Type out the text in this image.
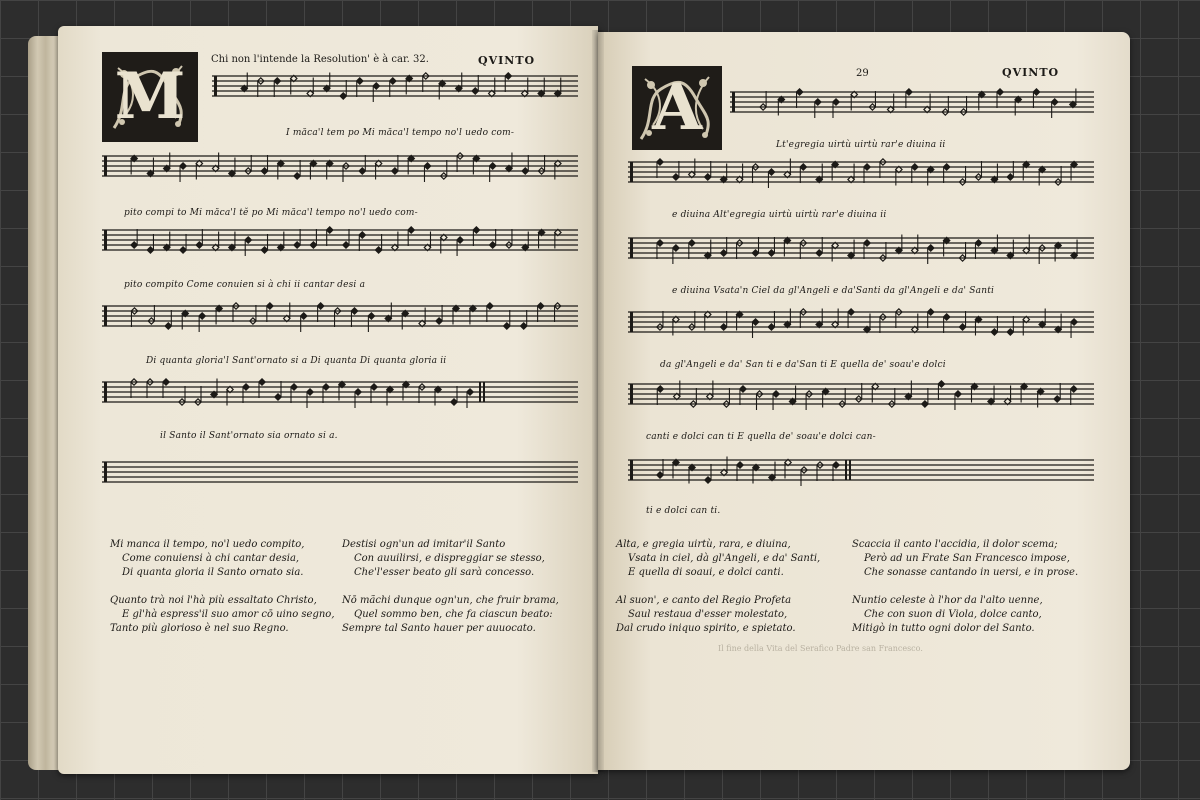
M	Chi non l'intende la Resolution' è à car. 32.	QVINTO
I măca'l tem po Mi măca'l tempo no'l uedo com-
pito compi to Mi măca'l tĕ po Mi măca'l tempo no'l uedo com-
pito compito Come conuien si à chi ii cantar desi a
Di quanta gloria'l Sant'ornato si a Di quanta Di quanta gloria ii
il Santo il Sant'ornato sia ornato si a.
Mi manca il tempo, no'l uedo compito,
Come conuiensi à chi cantar desia,
Di quanta gloria il Santo ornato sia.
Quanto trà noi l'hà più essaltato Christo,
E gl'hà espress'il suo amor cō uino segno,
Tanto più glorioso è nel suo Regno.
Destisi ogn'un ad imitar'il Santo
Con auuilirsi, e dispreggiar se stesso,
Che'l'esser beato gli sarà concesso.
Nō mãchi dunque ogn'un, che fruir brama,
Quel sommo ben, che fa ciascun beato:
Sempre tal Santo hauer per auuocato.
A	29	QVINTO
Lt'egregia uirtù uirtù rar'e diuina ii
e diuina Alt'egregia uirtù uirtù rar'e diuina ii
e diuina Vsata'n Ciel da gl'Angeli e da'Santi da gl'Angeli e da' Santi
da gl'Angeli e da' San ti e da'San ti E quella de' soau'e dolci
canti e dolci can ti E quella de' soau'e dolci can-
ti e dolci can ti.
Alta, e gregia uirtù, rara, e diuina,
Vsata in ciel, dà gl'Angeli, e da' Santi,
E quella di soaui, e dolci canti.
Al suon', e canto del Regio Profeta
Saul restaua d'esser molestato,
Dal crudo iniquo spirito, e spietato.
Scaccia il canto l'accidia, il dolor scema;
Però ad un Frate San Francesco impose,
Che sonasse cantando in uersi, e in prose.
Nuntio celeste à l'hor da l'alto uenne,
Che con suon di Viola, dolce canto,
Mitigò in tutto ogni dolor del Santo.
Il fine della Vita del Serafico Padre san Francesco.
